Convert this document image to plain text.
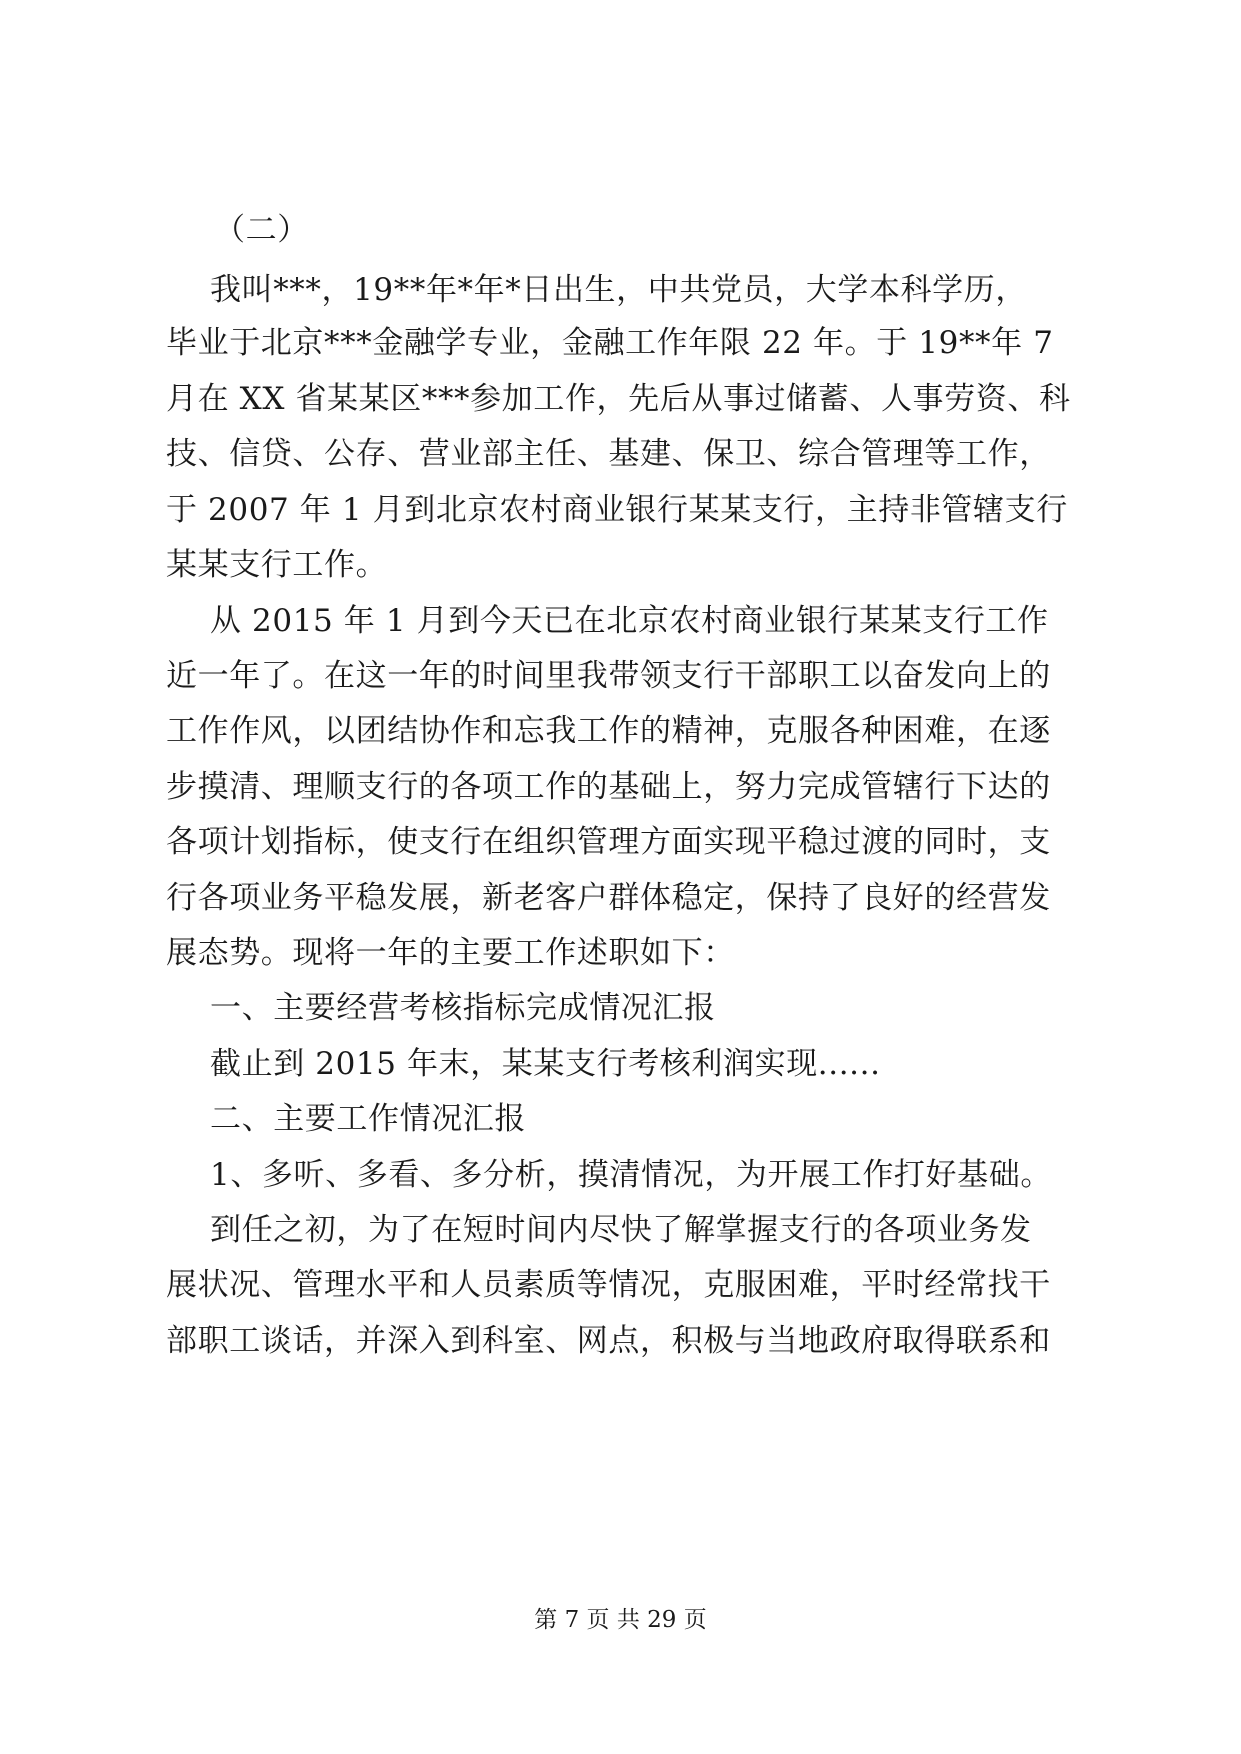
（二）
我叫***，19**年*年*日出生，中共党员，大学本科学历，
毕业于北京***金融学专业，金融工作年限 22 年。于 19**年 7
月在 XX 省某某区***参加工作，先后从事过储蓄、人事劳资、科
技、信贷、公存、营业部主任、基建、保卫、综合管理等工作，
于 2007 年 1 月到北京农村商业银行某某支行，主持非管辖支行
某某支行工作。
从 2015 年 1 月到今天已在北京农村商业银行某某支行工作
近一年了。在这一年的时间里我带领支行干部职工以奋发向上的
工作作风，以团结协作和忘我工作的精神，克服各种困难，在逐
步摸清、理顺支行的各项工作的基础上，努力完成管辖行下达的
各项计划指标，使支行在组织管理方面实现平稳过渡的同时，支
行各项业务平稳发展，新老客户群体稳定，保持了良好的经营发
展态势。现将一年的主要工作述职如下：
一、主要经营考核指标完成情况汇报
截止到 2015 年末，某某支行考核利润实现......
二、主要工作情况汇报
1、多听、多看、多分析，摸清情况，为开展工作打好基础。
到任之初，为了在短时间内尽快了解掌握支行的各项业务发
展状况、管理水平和人员素质等情况，克服困难，平时经常找干
部职工谈话，并深入到科室、网点，积极与当地政府取得联系和
第 7 页 共 29 页
